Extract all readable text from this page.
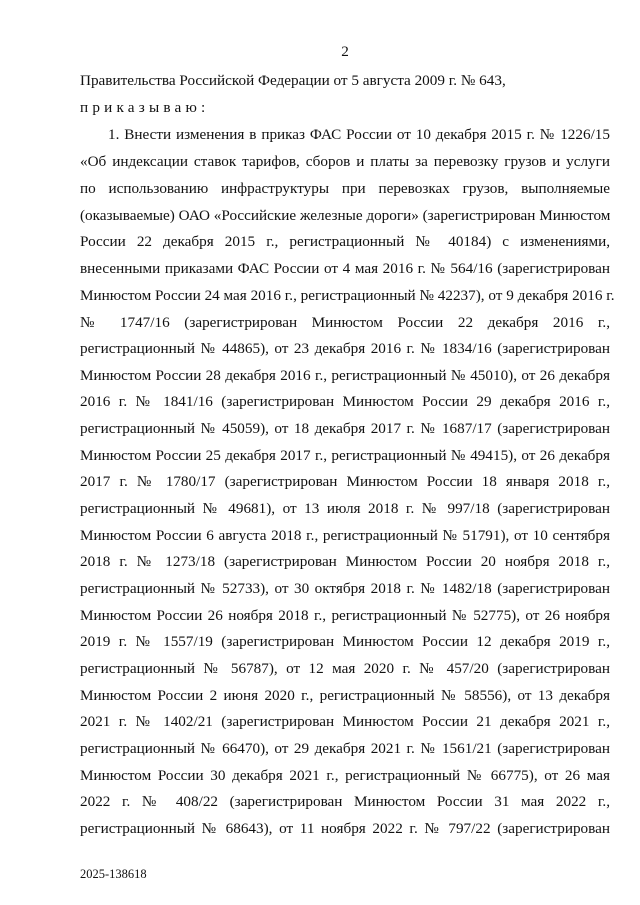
2
Правительства Российской Федерации от 5 августа 2009 г. № 643,
приказываю:
1. Внести изменения в приказ ФАС России от 10 декабря 2015 г. № 1226/15
«Об индексации ставок тарифов, сборов и платы за перевозку грузов и услуги
по использованию инфраструктуры при перевозках грузов, выполняемые
(оказываемые) ОАО «Российские железные дороги» (зарегистрирован Минюстом
России 22 декабря 2015 г., регистрационный № 40184) с изменениями,
внесенными приказами ФАС России от 4 мая 2016 г. № 564/16 (зарегистрирован
Минюстом России 24 мая 2016 г., регистрационный № 42237), от 9 декабря 2016 г.
№ 1747/16 (зарегистрирован Минюстом России 22 декабря 2016 г.,
регистрационный № 44865), от 23 декабря 2016 г. № 1834/16 (зарегистрирован
Минюстом России 28 декабря 2016 г., регистрационный № 45010), от 26 декабря
2016 г. № 1841/16 (зарегистрирован Минюстом России 29 декабря 2016 г.,
регистрационный № 45059), от 18 декабря 2017 г. № 1687/17 (зарегистрирован
Минюстом России 25 декабря 2017 г., регистрационный № 49415), от 26 декабря
2017 г. № 1780/17 (зарегистрирован Минюстом России 18 января 2018 г.,
регистрационный № 49681), от 13 июля 2018 г. № 997/18 (зарегистрирован
Минюстом России 6 августа 2018 г., регистрационный № 51791), от 10 сентября
2018 г. № 1273/18 (зарегистрирован Минюстом России 20 ноября 2018 г.,
регистрационный № 52733), от 30 октября 2018 г. № 1482/18 (зарегистрирован
Минюстом России 26 ноября 2018 г., регистрационный № 52775), от 26 ноября
2019 г. № 1557/19 (зарегистрирован Минюстом России 12 декабря 2019 г.,
регистрационный № 56787), от 12 мая 2020 г. № 457/20 (зарегистрирован
Минюстом России 2 июня 2020 г., регистрационный № 58556), от 13 декабря
2021 г. № 1402/21 (зарегистрирован Минюстом России 21 декабря 2021 г.,
регистрационный № 66470), от 29 декабря 2021 г. № 1561/21 (зарегистрирован
Минюстом России 30 декабря 2021 г., регистрационный № 66775), от 26 мая
2022 г. № 408/22 (зарегистрирован Минюстом России 31 мая 2022 г.,
регистрационный № 68643), от 11 ноября 2022 г. № 797/22 (зарегистрирован
2025-138618
